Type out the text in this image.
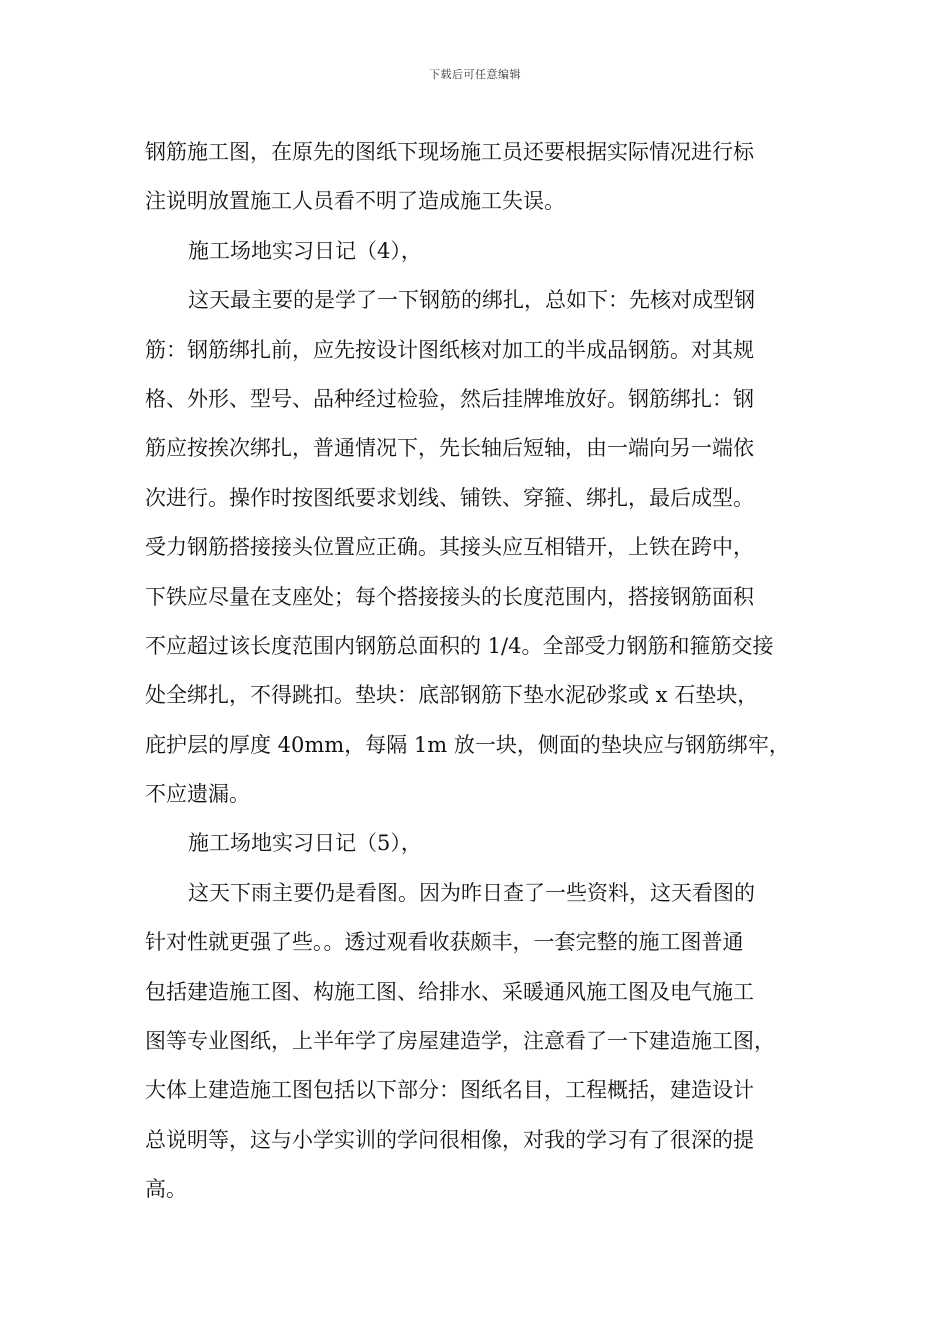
下载后可任意编辑
钢筋施工图，在原先的图纸下现场施工员还要根据实际情况进行标
注说明放置施工人员看不明了造成施工失误。
施工场地实习日记（4），
这天最主要的是学了一下钢筋的绑扎，总如下：先核对成型钢
筋：钢筋绑扎前，应先按设计图纸核对加工的半成品钢筋。对其规
格、外形、型号、品种经过检验，然后挂牌堆放好。钢筋绑扎：钢
筋应按挨次绑扎，普通情况下，先长轴后短轴，由一端向另一端依
次进行。操作时按图纸要求划线、铺铁、穿箍、绑扎，最后成型。
受力钢筋搭接接头位置应正确。其接头应互相错开，上铁在跨中，
下铁应尽量在支座处；每个搭接接头的长度范围内，搭接钢筋面积
不应超过该长度范围内钢筋总面积的 1/4。全部受力钢筋和箍筋交接
处全绑扎，不得跳扣。垫块：底部钢筋下垫水泥砂浆或 x 石垫块，
庇护层的厚度 40mm，每隔 1m 放一块，侧面的垫块应与钢筋绑牢，
不应遗漏。
施工场地实习日记（5），
这天下雨主要仍是看图。因为昨日查了一些资料，这天看图的
针对性就更强了些。。透过观看收获颇丰，一套完整的施工图普通
包括建造施工图、构施工图、给排水、采暖通风施工图及电气施工
图等专业图纸，上半年学了房屋建造学，注意看了一下建造施工图，
大体上建造施工图包括以下部分：图纸名目，工程概括，建造设计
总说明等，这与小学实训的学问很相像，对我的学习有了很深的提
高。
